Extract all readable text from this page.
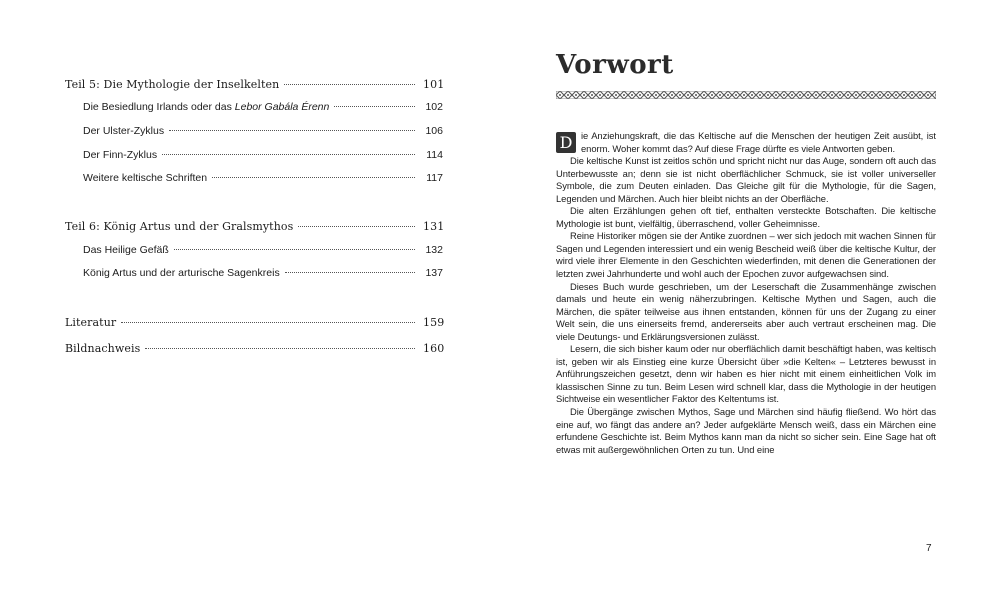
Teil 5: Die Mythologie der Inselkelten	101
Die Besiedlung Irlands oder das Lebor Gabála Érenn	102
Der Ulster-Zyklus	106
Der Finn-Zyklus	114
Weitere keltische Schriften	117
Teil 6: König Artus und der Gralsmythos	131
Das Heilige Gefäß	132
König Artus und der arturische Sagenkreis	137
Literatur	159
Bildnachweis	160
Vorwort

D ie Anziehungskraft, die das Keltische auf die Menschen der heutigen Zeit ausübt, ist enorm. Woher kommt das? Auf diese Frage dürfte es viele Antworten geben.

Die keltische Kunst ist zeitlos schön und spricht nicht nur das Auge, sondern oft auch das Unterbewusste an; denn sie ist nicht oberflächlicher Schmuck, sie ist voller universeller Symbole, die zum Deuten einladen. Das Gleiche gilt für die Mythologie, für die Sagen, Legenden und Märchen. Auch hier bleibt nichts an der Oberfläche.

Die alten Erzählungen gehen oft tief, enthalten versteckte Botschaften. Die keltische Mythologie ist bunt, vielfältig, überraschend, voller Geheimnisse.

Reine Historiker mögen sie der Antike zuordnen – wer sich jedoch mit wachen Sinnen für Sagen und Legenden interessiert und ein wenig Bescheid weiß über die keltische Kultur, der wird viele ihrer Elemente in den Geschichten wiederfinden, mit denen die Generationen der letzten zwei Jahrhunderte und wohl auch der Epochen zuvor aufgewachsen sind.

Dieses Buch wurde geschrieben, um der Leserschaft die Zusammenhänge zwischen damals und heute ein wenig näherzubringen. Keltische Mythen und Sagen, auch die Märchen, die später teilweise aus ihnen entstanden, können für uns der Zugang zu einer Welt sein, die uns einerseits fremd, andererseits aber auch vertraut erscheinen mag. Die viele Deutungs- und Erklärungsversionen zulässt.

Lesern, die sich bisher kaum oder nur oberflächlich damit beschäftigt haben, was keltisch ist, geben wir als Einstieg eine kurze Übersicht über »die Kelten« – Letzteres bewusst in Anführungszeichen gesetzt, denn wir haben es hier nicht mit einem einheitlichen Volk im klassischen Sinne zu tun. Beim Lesen wird schnell klar, dass die Mythologie in der heutigen Sichtweise ein wesentlicher Faktor des Keltentums ist.

Die Übergänge zwischen Mythos, Sage und Märchen sind häufig fließend. Wo hört das eine auf, wo fängt das andere an? Jeder aufgeklärte Mensch weiß, dass ein Märchen eine erfundene Geschichte ist. Beim Mythos kann man da nicht so sicher sein. Eine Sage hat oft etwas mit außergewöhnlichen Orten zu tun. Und eine

7
